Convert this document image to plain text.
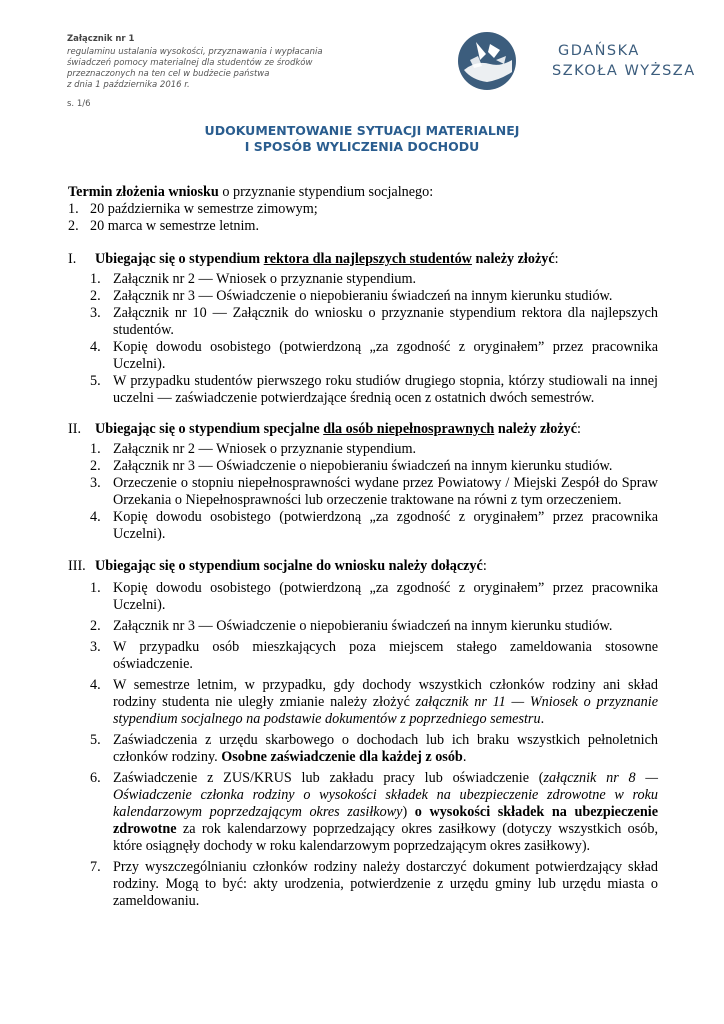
Załącznik nr 1
regulaminu ustalania wysokości, przyznawania i wypłacania
świadczeń pomocy materialnej dla studentów ze środków
przeznaczonych na ten cel w budżecie państwa
z dnia 1 października 2016 r.
s. 1/6
GDAŃSKA
SZKOŁA WYŻSZA
UDOKUMENTOWANIE SYTUACJI MATERIALNEJ
I SPOSÓB WYLICZENIA DOCHODU

Termin złożenia wniosku o przyznanie stypendium socjalnego:

1. 20 października w semestrze zimowym;
2. 20 marca w semestrze letnim.
I. Ubiegając się o stypendium rektora dla najlepszych studentów należy złożyć:
1. Załącznik nr 2 — Wniosek o przyznanie stypendium.
2. Załącznik nr 3 — Oświadczenie o niepobieraniu świadczeń na innym kierunku studiów.
3. Załącznik nr 10 — Załącznik do wniosku o przyznanie stypendium rektora dla najlepszych studentów.
4. Kopię dowodu osobistego (potwierdzoną „za zgodność z oryginałem” przez pracownika Uczelni).
5. W przypadku studentów pierwszego roku studiów drugiego stopnia, którzy studiowali na innej uczelni — zaświadczenie potwierdzające średnią ocen z ostatnich dwóch semestrów.
II. Ubiegając się o stypendium specjalne dla osób niepełnosprawnych należy złożyć:
1. Załącznik nr 2 — Wniosek o przyznanie stypendium.
2. Załącznik nr 3 — Oświadczenie o niepobieraniu świadczeń na innym kierunku studiów.
3. Orzeczenie o stopniu niepełnosprawności wydane przez Powiatowy / Miejski Zespół do Spraw Orzekania o Niepełnosprawności lub orzeczenie traktowane na równi z tym orzeczeniem.
4. Kopię dowodu osobistego (potwierdzoną „za zgodność z oryginałem” przez pracownika Uczelni).
III. Ubiegając się o stypendium socjalne do wniosku należy dołączyć:
1. Kopię dowodu osobistego (potwierdzoną „za zgodność z oryginałem” przez pracownika Uczelni).
2. Załącznik nr 3 — Oświadczenie o niepobieraniu świadczeń na innym kierunku studiów.
3. W przypadku osób mieszkających poza miejscem stałego zameldowania stosowne oświadczenie.
4. W semestrze letnim, w przypadku, gdy dochody wszystkich członków rodziny ani skład rodziny studenta nie uległy zmianie należy złożyć załącznik nr 11 — Wniosek o przyznanie stypendium socjalnego na podstawie dokumentów z poprzedniego semestru.
5. Zaświadczenia z urzędu skarbowego o dochodach lub ich braku wszystkich pełnoletnich członków rodziny. Osobne zaświadczenie dla każdej z osób.
6. Zaświadczenie z ZUS/KRUS lub zakładu pracy lub oświadczenie (załącznik nr 8 — Oświadczenie członka rodziny o wysokości składek na ubezpieczenie zdrowotne w roku kalendarzowym poprzedzającym okres zasiłkowy) o wysokości składek na ubezpieczenie zdrowotne za rok kalendarzowy poprzedzający okres zasiłkowy (dotyczy wszystkich osób, które osiągnęły dochody w roku kalendarzowym poprzedzającym okres zasiłkowy).
7. Przy wyszczególnianiu członków rodziny należy dostarczyć dokument potwierdzający skład rodziny. Mogą to być: akty urodzenia, potwierdzenie z urzędu gminy lub urzędu miasta o zameldowaniu.
